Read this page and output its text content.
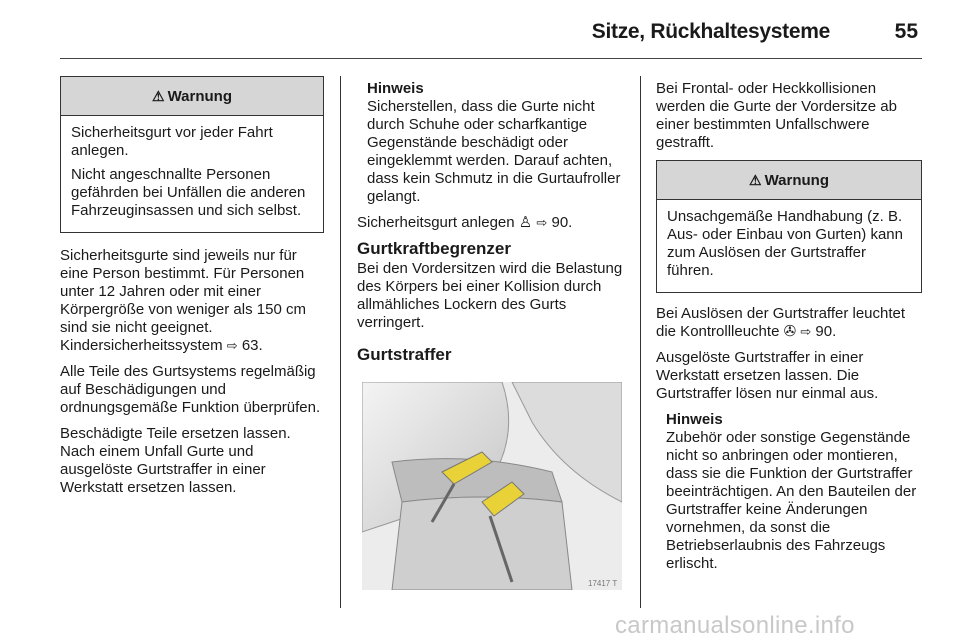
Sitze, Rückhaltesysteme	55
⚠ Warnung

Sicherheitsgurt vor jeder Fahrt anlegen.

Nicht angeschnallte Personen gefährden bei Unfällen die anderen Fahrzeuginsassen und sich selbst.

Sicherheitsgurte sind jeweils nur für eine Person bestimmt. Für Personen unter 12 Jahren oder mit einer Körpergröße von weniger als 150 cm sind sie nicht geeignet. Kindersicherheitssystem ⇨ 63.

Alle Teile des Gurtsystems regelmäßig auf Beschädigungen und ordnungsgemäße Funktion überprüfen.

Beschädigte Teile ersetzen lassen. Nach einem Unfall Gurte und ausgelöste Gurtstraffer in einer Werkstatt ersetzen lassen.

Hinweis
Sicherstellen, dass die Gurte nicht durch Schuhe oder scharfkantige Gegenstände beschädigt oder eingeklemmt werden. Darauf achten, dass kein Schmutz in die Gurtaufroller gelangt.

Sicherheitsgurt anlegen ♙ ⇨ 90.

Gurtkraftbegrenzer

Bei den Vordersitzen wird die Belastung des Körpers bei einer Kollision durch allmähliches Lockern des Gurts verringert.

Gurtstraffer
17417 T

Bei Frontal- oder Heckkollisionen werden die Gurte der Vordersitze ab einer bestimmten Unfallschwere gestrafft.

⚠ Warnung

Unsachgemäße Handhabung (z. B. Aus- oder Einbau von Gurten) kann zum Auslösen der Gurtstraffer führen.

Bei Auslösen der Gurtstraffer leuchtet die Kontrollleuchte ✇ ⇨ 90.

Ausgelöste Gurtstraffer in einer Werkstatt ersetzen lassen. Die Gurtstraffer lösen nur einmal aus.

Hinweis
Zubehör oder sonstige Gegenstände nicht so anbringen oder montieren, dass sie die Funktion der Gurtstraffer beeinträchtigen. An den Bauteilen der Gurtstraffer keine Änderungen vornehmen, da sonst die Betriebserlaubnis des Fahrzeugs erlischt.
carmanualsonline.info
